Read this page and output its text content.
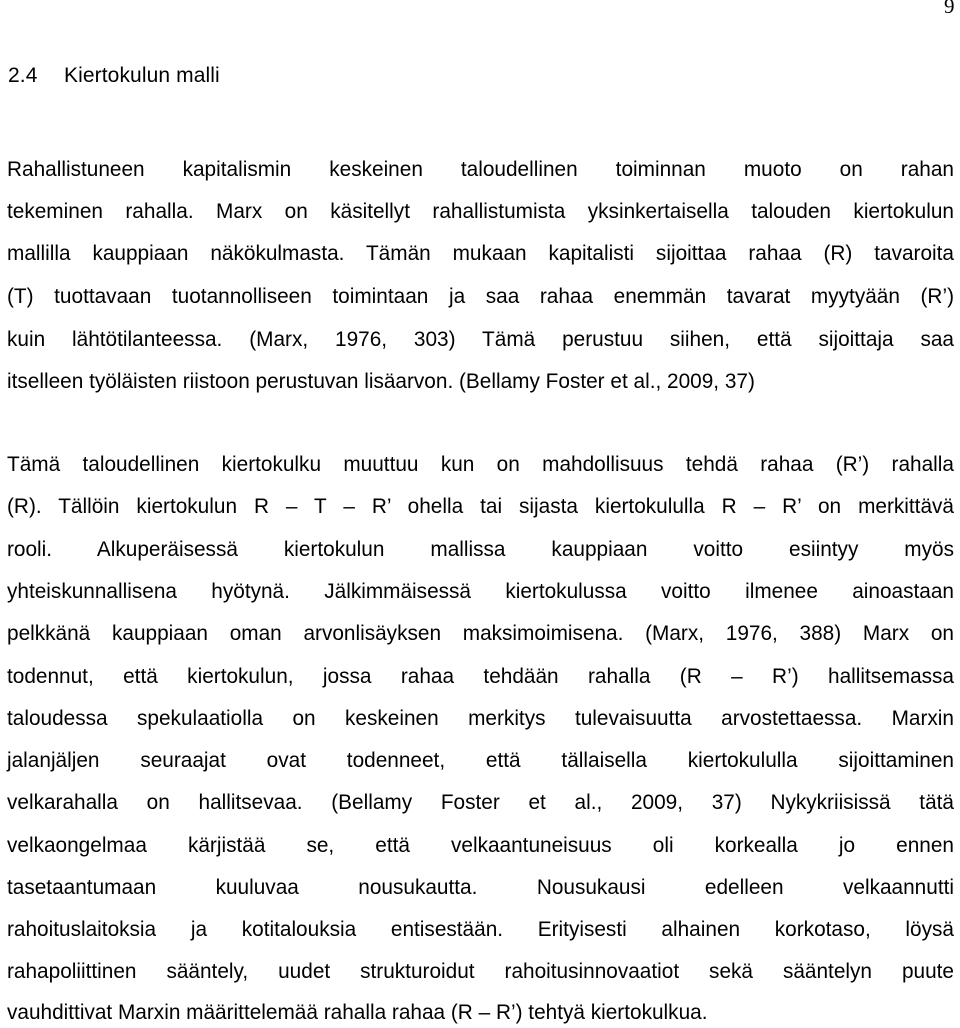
9
2.4 Kiertokulun malli
Rahallistuneen kapitalismin keskeinen taloudellinen toiminnan muoto on rahan
tekeminen rahalla. Marx on käsitellyt rahallistumista yksinkertaisella talouden kiertokulun
mallilla kauppiaan näkökulmasta. Tämän mukaan kapitalisti sijoittaa rahaa (R) tavaroita
(T) tuottavaan tuotannolliseen toimintaan ja saa rahaa enemmän tavarat myytyään (R’)
kuin lähtötilanteessa. (Marx, 1976, 303) Tämä perustuu siihen, että sijoittaja saa
itselleen työläisten riistoon perustuvan lisäarvon. (Bellamy Foster et al., 2009, 37)
Tämä taloudellinen kiertokulku muuttuu kun on mahdollisuus tehdä rahaa (R’) rahalla
(R). Tällöin kiertokulun R – T – R’ ohella tai sijasta kiertokululla R – R’ on merkittävä
rooli. Alkuperäisessä kiertokulun mallissa kauppiaan voitto esiintyy myös
yhteiskunnallisena hyötynä. Jälkimmäisessä kiertokulussa voitto ilmenee ainoastaan
pelkkänä kauppiaan oman arvonlisäyksen maksimoimisena. (Marx, 1976, 388) Marx on
todennut, että kiertokulun, jossa rahaa tehdään rahalla (R – R’) hallitsemassa
taloudessa spekulaatiolla on keskeinen merkitys tulevaisuutta arvostettaessa. Marxin
jalanjäljen seuraajat ovat todenneet, että tällaisella kiertokululla sijoittaminen
velkarahalla on hallitsevaa. (Bellamy Foster et al., 2009, 37) Nykykriisissä tätä
velkaongelmaa kärjistää se, että velkaantuneisuus oli korkealla jo ennen
tasetaantumaan kuuluvaa nousukautta. Nousukausi edelleen velkaannutti
rahoituslaitoksia ja kotitalouksia entisestään. Erityisesti alhainen korkotaso, löysä
rahapoliittinen sääntely, uudet strukturoidut rahoitusinnovaatiot sekä sääntelyn puute
vauhdittivat Marxin määrittelemää rahalla rahaa (R – R’) tehtyä kiertokulkua.
